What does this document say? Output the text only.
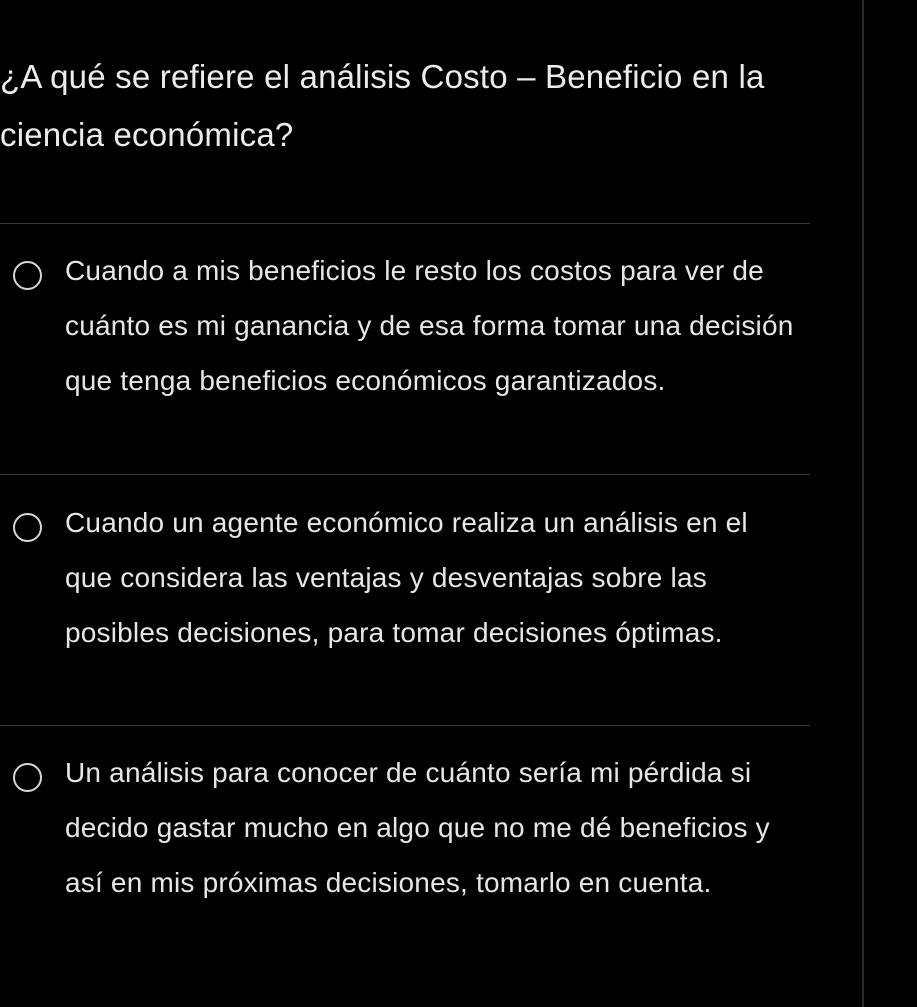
¿A qué se refiere el análisis Costo – Beneficio en la ciencia económica?
Cuando a mis beneficios le resto los costos para ver de cuánto es mi ganancia y de esa forma tomar una decisión que tenga beneficios económicos garantizados.
Cuando un agente económico realiza un análisis en el que considera las ventajas y desventajas sobre las posibles decisiones, para tomar decisiones óptimas.
Un análisis para conocer de cuánto sería mi pérdida si decido gastar mucho en algo que no me dé beneficios y así en mis próximas decisiones, tomarlo en cuenta.
